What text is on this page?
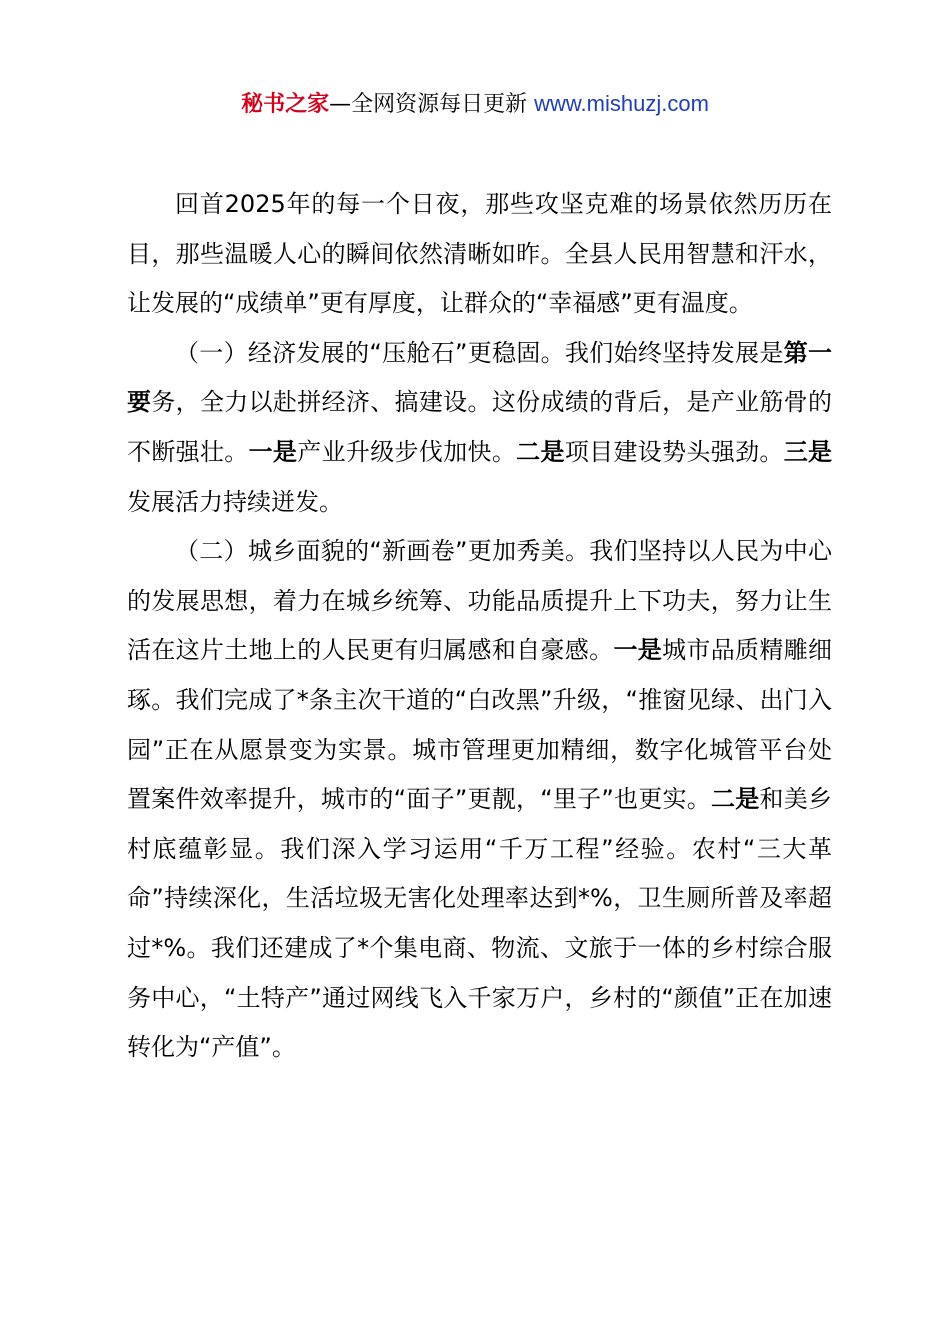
秘书之家—全网资源每日更新 www.mishuzj.com

回首2025年的每一个日夜，那些攻坚克难的场景依然历历在目，那些温暖人心的瞬间依然清晰如昨。全县人民用智慧和汗水，让发展的“成绩单”更有厚度，让群众的“幸福感”更有温度。

（一）经济发展的“压舱石”更稳固。我们始终坚持发展是第一要务，全力以赴拼经济、搞建设。这份成绩的背后，是产业筋骨的不断强壮。一是产业升级步伐加快。二是项目建设势头强劲。三是发展活力持续迸发。

（二）城乡面貌的“新画卷”更加秀美。我们坚持以人民为中心的发展思想，着力在城乡统筹、功能品质提升上下功夫，努力让生活在这片土地上的人民更有归属感和自豪感。一是城市品质精雕细琢。我们完成了*条主次干道的“白改黑”升级，“推窗见绿、出门入园”正在从愿景变为实景。城市管理更加精细，数字化城管平台处置案件效率提升，城市的“面子”更靓，“里子”也更实。二是和美乡村底蕴彰显。我们深入学习运用“千万工程”经验。农村“三大革命”持续深化，生活垃圾无害化处理率达到*%，卫生厕所普及率超过*%。我们还建成了*个集电商、物流、文旅于一体的乡村综合服务中心，“土特产”通过网线飞入千家万户，乡村的“颜值”正在加速转化为“产值”。
